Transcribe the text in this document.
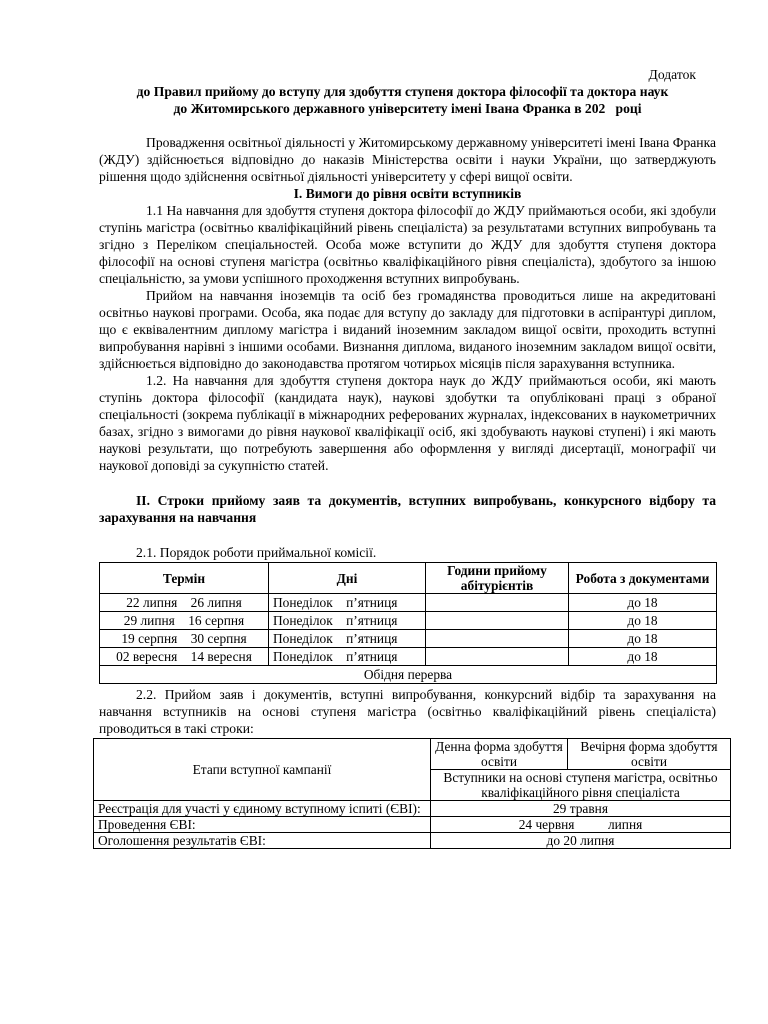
Додаток

до Правил прийому до вступу для здобуття ступеня доктора філософії та доктора наук

до Житомирського державного університету імені Івана Франка в 202   році

Провадження освітньої діяльності у Житомирському державному університеті імені Івана Франка (ЖДУ) здійснюється відповідно до наказів Міністерства освіти і науки України, що затверджують рішення щодо здійснення освітньої діяльності університету у сфері вищої освіти.

І. Вимоги до рівня освіти вступників

1.1 На навчання для здобуття ступеня доктора філософії до ЖДУ приймаються особи, які здобули ступінь магістра (освітньо кваліфікаційний рівень спеціаліста) за результатами вступних випробувань та згідно з Переліком спеціальностей. Особа може вступити до ЖДУ для здобуття ступеня доктора філософії на основі ступеня магістра (освітньо кваліфікаційного рівня спеціаліста), здобутого за іншою спеціальністю, за умови успішного проходження вступних випробувань.

Прийом на навчання іноземців та осіб без громадянства проводиться лише на акредитовані освітньо наукові програми. Особа, яка подає для вступу до закладу для підготовки в аспірантурі диплом, що є еквівалентним диплому магістра і виданий іноземним закладом вищої освіти, проходить вступні випробування нарівні з іншими особами. Визнання диплома, виданого іноземним закладом вищої освіти, здійснюється відповідно до законодавства протягом чотирьох місяців після зарахування вступника.

1.2. На навчання для здобуття ступеня доктора наук до ЖДУ приймаються особи, які мають ступінь доктора філософії (кандидата наук), наукові здобутки та опубліковані праці з обраної спеціальності (зокрема публікації в міжнародних реферованих журналах, індексованих в наукометричних базах, згідно з вимогами до рівня наукової кваліфікації осіб, які здобувають наукові ступені) і які мають наукові результати, що потребують завершення або оформлення у вигляді дисертації, монографії чи наукової доповіді за сукупністю статей.

ІІ. Строки прийому заяв та документів, вступних випробувань, конкурсного відбору та зарахування на навчання

2.1. Порядок роботи приймальної комісії.

Термін	Дні	Години прийому абітурієнтів	Робота з документами
22 липня    26 липня	Понеділок    п’ятниця		до 18
29 липня    16 серпня	Понеділок    п’ятниця		до 18
19 серпня    30 серпня	Понеділок    п’ятниця		до 18
02 вересня    14 вересня	Понеділок    п’ятниця		до 18
Обідня перерва			

2.2. Прийом заяв і документів, вступні випробування, конкурсний відбір та зарахування на навчання вступників на основі ступеня магістра (освітньо кваліфікаційний рівень спеціаліста) проводиться в такі строки:

Етапи вступної кампанії	Денна форма здобуття освіти	Вечірня форма здобуття освіти
	Вступники на основі ступеня магістра, освітньо кваліфікаційного рівня спеціаліста	
Реєстрація для участі у єдиному вступному іспиті (ЄВІ):	29 травня	
Проведення ЄВІ:	24 червня          липня	
Оголошення результатів ЄВІ:	до 20 липня	
